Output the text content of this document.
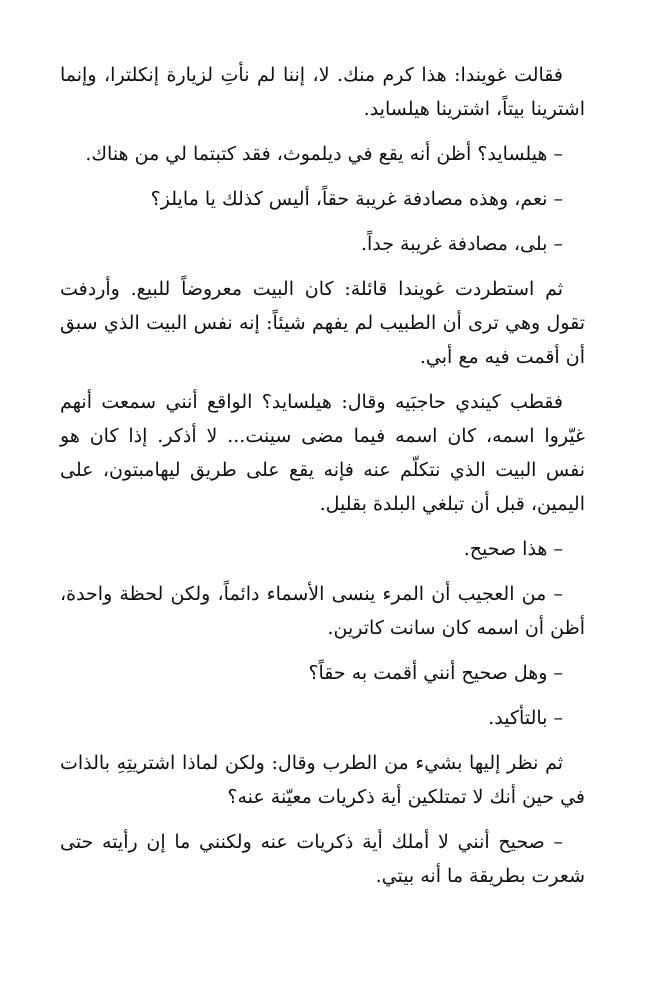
فقالت غويندا: هذا كرم منك. لا، إننا لم نأتِ لزيارة إنكلترا، وإنما اشترينا بيتاً، اشترينا هيلسايد.

– هيلسايد؟ أظن أنه يقع في ديلموث، فقد كتبتما لي من هناك.

– نعم، وهذه مصادفة غريبة حقاً، أليس كذلك يا مايلز؟

– بلى، مصادفة غريبة جداً.

ثم استطردت غويندا قائلة: كان البيت معروضاً للبيع. وأردفت تقول وهي ترى أن الطبيب لم يفهم شيئاً: إنه نفس البيت الذي سبق أن أقمت فيه مع أبي.

فقطب كيندي حاجبَيه وقال: هيلسايد؟ الواقع أنني سمعت أنهم غيّروا اسمه، كان اسمه فيما مضى سينت... لا أذكر. إذا كان هو نفس البيت الذي نتكلّم عنه فإنه يقع على طريق ليهامبتون، على اليمين، قبل أن تبلغي البلدة بقليل.

– هذا صحيح.

– من العجيب أن المرء ينسى الأسماء دائماً، ولكن لحظة واحدة، أظن أن اسمه كان سانت كاترين.

– وهل صحيح أنني أقمت به حقاً؟

– بالتأكيد.

ثم نظر إليها بشيء من الطرب وقال: ولكن لماذا اشتريتِهِ بالذات في حين أنك لا تمتلكين أية ذكريات معيّنة عنه؟

– صحيح أنني لا أملك أية ذكريات عنه ولكنني ما إن رأيته حتى شعرت بطريقة ما أنه بيتي.
